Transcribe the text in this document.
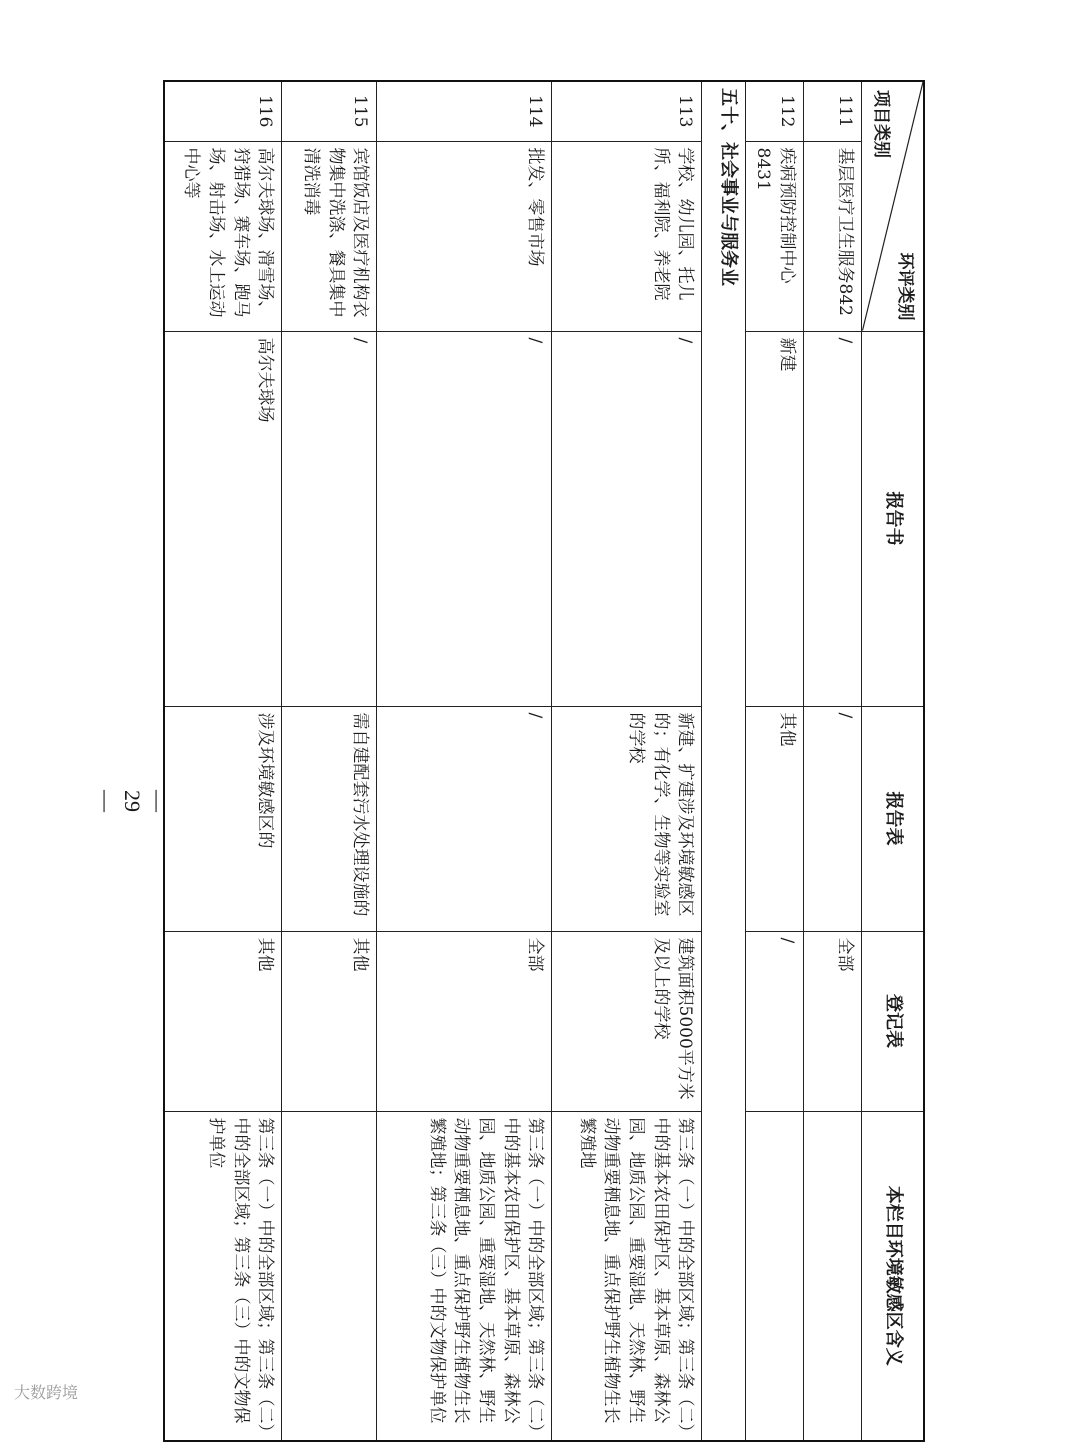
环评类别
项目类别		报告书	报告表	登记表	本栏目环境敏感区含义
111	基层医疗卫生服务842	/	/	全部	
112	疾病预防控制中心8431	新建	其他	/	
五十、社会事业与服务业					
113	学校、幼儿园、托儿所、福利院、养老院	/	新建、扩建涉及环境敏感区的；有化学、生物等实验室的学校	建筑面积5000平方米及以上的学校	第三条（一）中的全部区域；第三条（二）中的基本农田保护区、基本草原、森林公园、地质公园、重要湿地、天然林、野生动物重要栖息地、重点保护野生植物生长繁殖地
114	批发、零售市场	/	/	全部	第三条（一）中的全部区域；第三条（二）中的基本农田保护区、基本草原、森林公园、地质公园、重要湿地、天然林、野生动物重要栖息地、重点保护野生植物生长繁殖地；第三条（三）中的文物保护单位
115	宾馆饭店及医疗机构衣物集中洗涤、餐具集中清洗消毒	/	需自建配套污水处理设施的	其他	
116	高尔夫球场、滑雪场、狩猎场、赛车场、跑马场、射击场、水上运动中心等	高尔夫球场	涉及环境敏感区的	其他	第三条（一）中的全部区域；第三条（二）中的全部区域；第三条（三）中的文物保护单位
— 29 —
大数跨境
